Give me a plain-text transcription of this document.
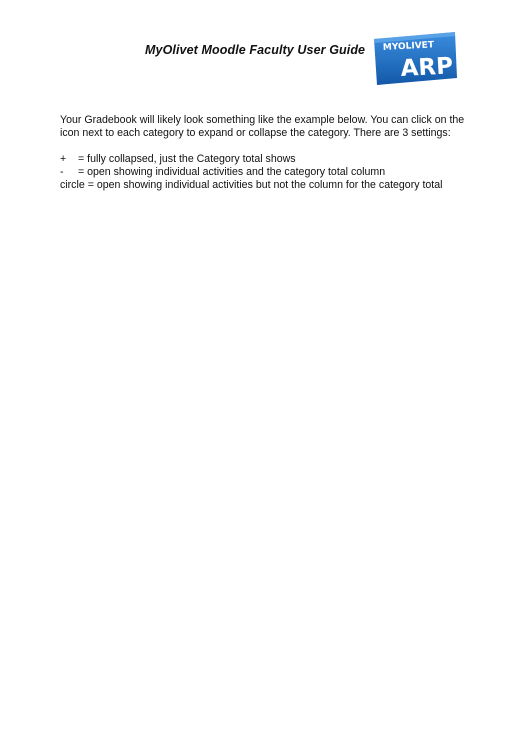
MyOlivet Moodle Faculty User Guide MYOLIVET
ARP

Your Gradebook will likely look something like the example below. You can click on the icon next to each category to expand or collapse the category. There are 3 settings:

+ = fully collapsed, just the Category total shows
- = open showing individual activities and the category total column
circle = open showing individual activities but not the column for the category total
